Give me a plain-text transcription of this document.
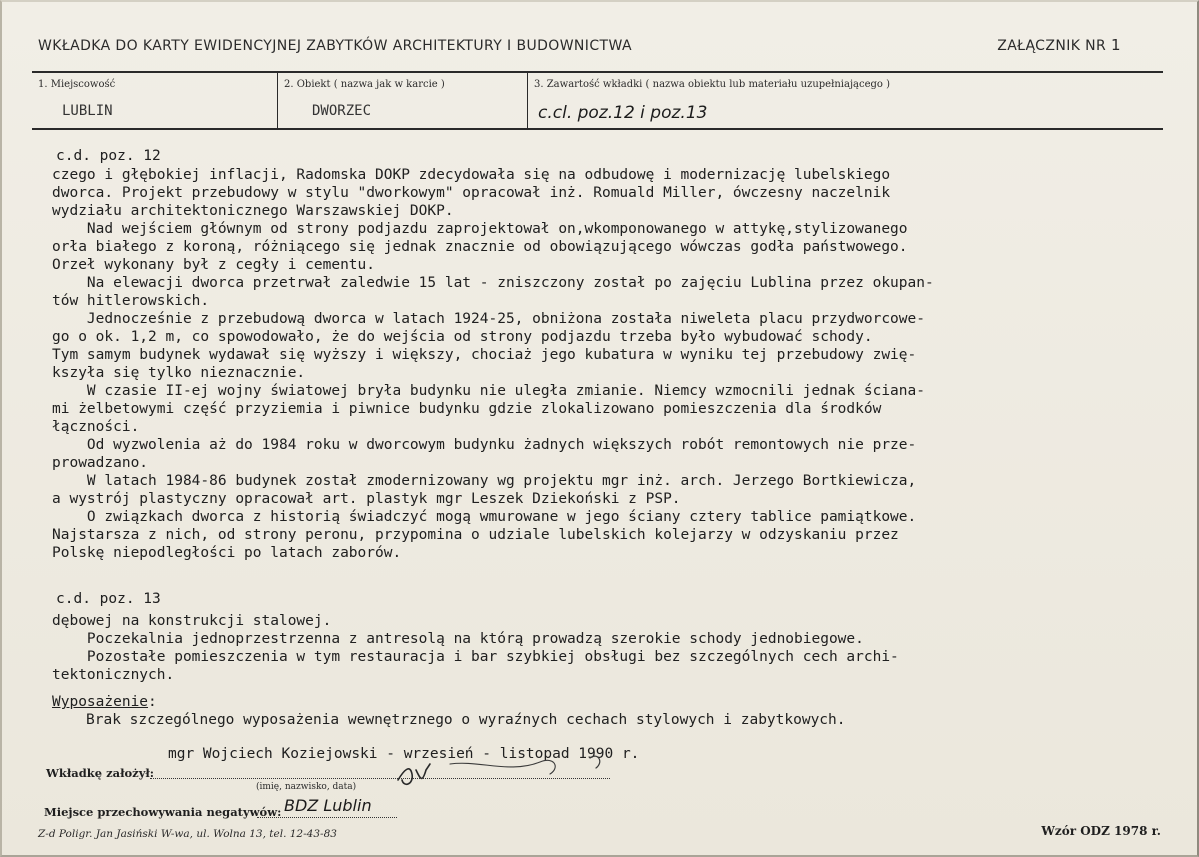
WKŁADKA DO KARTY EWIDENCYJNEJ ZABYTKÓW ARCHITEKTURY I BUDOWNICTWA	ZAŁĄCZNIK NR 1
1. Miejscowość
LUBLIN
2. Obiekt ( nazwa jak w karcie )
DWORZEC
3. Zawartość wkładki ( nazwa obiektu lub materiału uzupełniającego )
c.cl. poz.12 i poz.13
c.d. poz. 12
czego i głębokiej inflacji, Radomska DOKP zdecydowała się na odbudowę i modernizację lubelskiego
dworca. Projekt przebudowy w stylu "dworkowym" opracował inż. Romuald Miller, ówczesny naczelnik
wydziału architektonicznego Warszawskiej DOKP.
Nad wejściem głównym od strony podjazdu zaprojektował on,wkomponowanego w attykę,stylizowanego
orła białego z koroną, różniącego się jednak znacznie od obowiązującego wówczas godła państwowego.
Orzeł wykonany był z cegły i cementu.
Na elewacji dworca przetrwał zaledwie 15 lat - zniszczony został po zajęciu Lublina przez okupan-
tów hitlerowskich.
Jednocześnie z przebudową dworca w latach 1924-25, obniżona została niweleta placu przydworcowe-
go o ok. 1,2 m, co spowodowało, że do wejścia od strony podjazdu trzeba było wybudować schody.
Tym samym budynek wydawał się wyższy i większy, chociaż jego kubatura w wyniku tej przebudowy zwię-
kszyła się tylko nieznacznie.
W czasie II-ej wojny światowej bryła budynku nie uległa zmianie. Niemcy wzmocnili jednak ściana-
mi żelbetowymi część przyziemia i piwnice budynku gdzie zlokalizowano pomieszczenia dla środków
łączności.
Od wyzwolenia aż do 1984 roku w dworcowym budynku żadnych większych robót remontowych nie prze-
prowadzano.
W latach 1984-86 budynek został zmodernizowany wg projektu mgr inż. arch. Jerzego Bortkiewicza,
a wystrój plastyczny opracował art. plastyk mgr Leszek Dziekoński z PSP.
O związkach dworca z historią świadczyć mogą wmurowane w jego ściany cztery tablice pamiątkowe.
Najstarsza z nich, od strony peronu, przypomina o udziale lubelskich kolejarzy w odzyskaniu przez
Polskę niepodległości po latach zaborów.
c.d. poz. 13
dębowej na konstrukcji stalowej.
Poczekalnia jednoprzestrzenna z antresolą na którą prowadzą szerokie schody jednobiegowe.
Pozostałe pomieszczenia w tym restauracja i bar szybkiej obsługi bez szczególnych cech archi-
tektonicznych.
Wyposażenie:
Brak szczególnego wyposażenia wewnętrznego o wyraźnych cechach stylowych i zabytkowych.
mgr Wojciech Koziejowski - wrzesień - listopad 1990 r.
Wkładkę założył:
(imię, nazwisko, data)
Miejsce przechowywania negatywów: BDZ Lublin
Z-d Poligr. Jan Jasiński W-wa, ul. Wolna 13, tel. 12-43-83	Wzór ODZ 1978 r.
